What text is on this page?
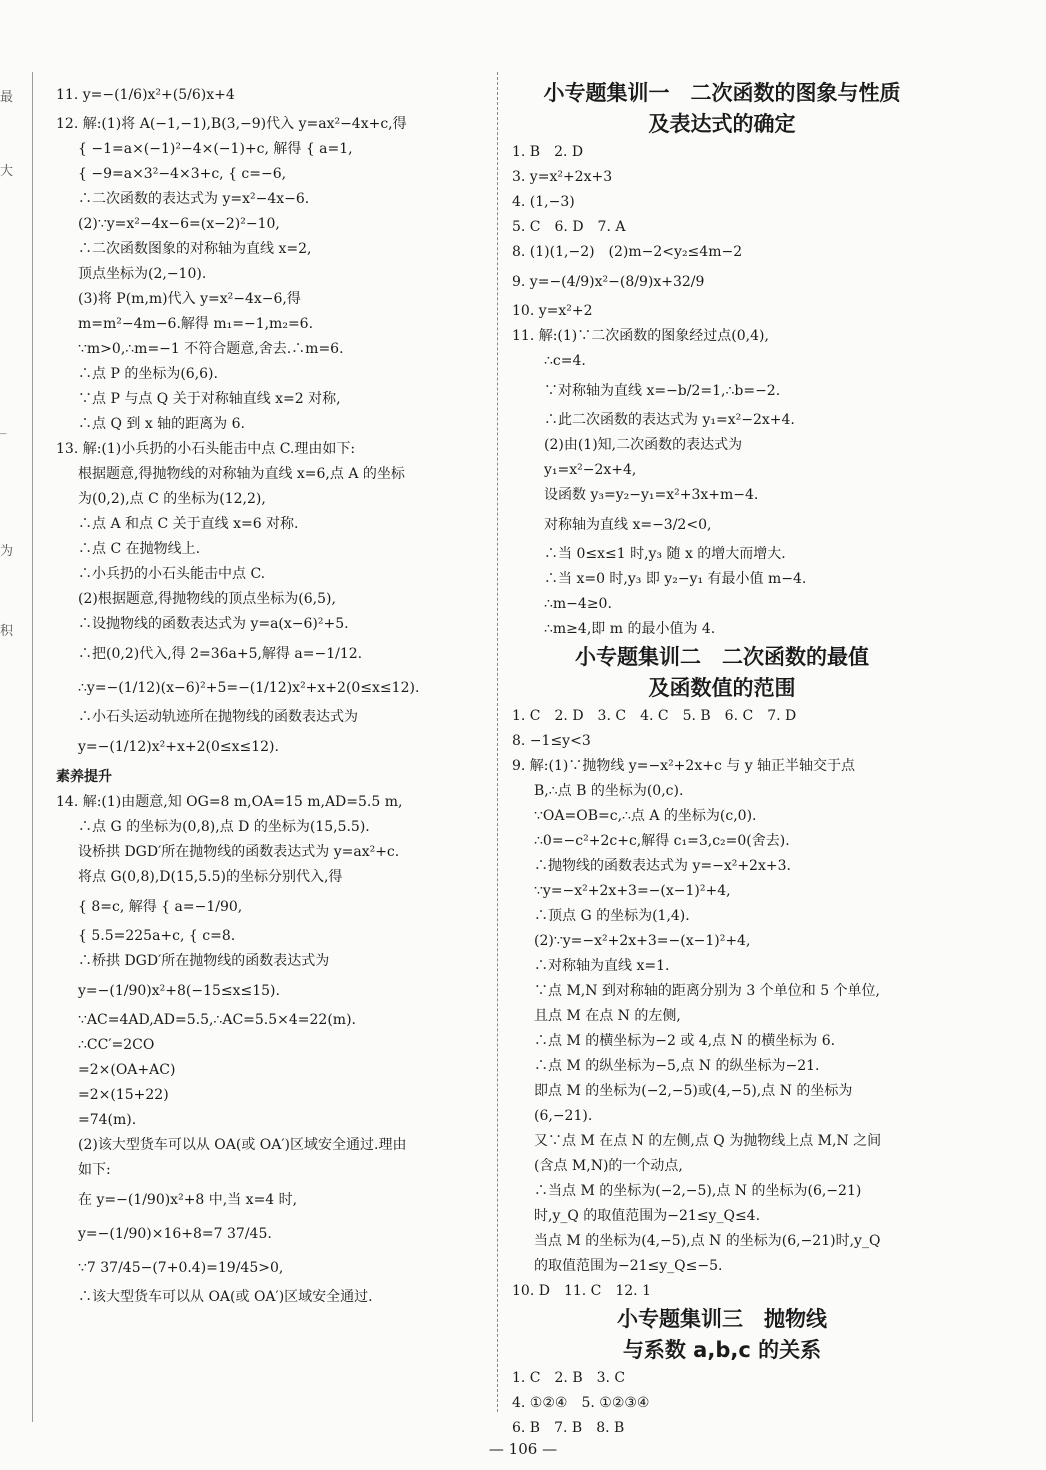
最
大
_
为
积
11. y=−(1/6)x²+(5/6)x+4
12. 解:(1)将 A(−1,−1),B(3,−9)代入 y=ax²−4x+c,得
{ −1=a×(−1)²−4×(−1)+c, 解得 { a=1,
{ −9=a×3²−4×3+c, { c=−6,
∴二次函数的表达式为 y=x²−4x−6.
(2)∵y=x²−4x−6=(x−2)²−10,
∴二次函数图象的对称轴为直线 x=2,
顶点坐标为(2,−10).
(3)将 P(m,m)代入 y=x²−4x−6,得
m=m²−4m−6.解得 m₁=−1,m₂=6.
∵m>0,∴m=−1 不符合题意,舍去.∴m=6.
∴点 P 的坐标为(6,6).
∵点 P 与点 Q 关于对称轴直线 x=2 对称,
∴点 Q 到 x 轴的距离为 6.
13. 解:(1)小兵扔的小石头能击中点 C.理由如下:
根据题意,得抛物线的对称轴为直线 x=6,点 A 的坐标
为(0,2),点 C 的坐标为(12,2),
∴点 A 和点 C 关于直线 x=6 对称.
∴点 C 在抛物线上.
∴小兵扔的小石头能击中点 C.
(2)根据题意,得抛物线的顶点坐标为(6,5),
∴设抛物线的函数表达式为 y=a(x−6)²+5.
∴把(0,2)代入,得 2=36a+5,解得 a=−1/12.
∴y=−(1/12)(x−6)²+5=−(1/12)x²+x+2(0≤x≤12).
∴小石头运动轨迹所在抛物线的函数表达式为
y=−(1/12)x²+x+2(0≤x≤12).
素养提升
14. 解:(1)由题意,知 OG=8 m,OA=15 m,AD=5.5 m,
∴点 G 的坐标为(0,8),点 D 的坐标为(15,5.5).
设桥拱 DGD′所在抛物线的函数表达式为 y=ax²+c.
将点 G(0,8),D(15,5.5)的坐标分别代入,得
{ 8=c, 解得 { a=−1/90,
{ 5.5=225a+c, { c=8.
∴桥拱 DGD′所在抛物线的函数表达式为
y=−(1/90)x²+8(−15≤x≤15).
∵AC=4AD,AD=5.5,∴AC=5.5×4=22(m).
∴CC′=2CO
=2×(OA+AC)
=2×(15+22)
=74(m).
(2)该大型货车可以从 OA(或 OA′)区域安全通过.理由
如下:
在 y=−(1/90)x²+8 中,当 x=4 时,
y=−(1/90)×16+8=7 37/45.
∵7 37/45−(7+0.4)=19/45>0,
∴该大型货车可以从 OA(或 OA′)区域安全通过.
小专题集训一　二次函数的图象与性质
及表达式的确定
1. B　2. D
3. y=x²+2x+3
4. (1,−3)
5. C　6. D　7. A
8. (1)(1,−2)　(2)m−2<y₂≤4m−2
9. y=−(4/9)x²−(8/9)x+32/9
10. y=x²+2
11. 解:(1)∵二次函数的图象经过点(0,4),
∴c=4.
∵对称轴为直线 x=−b/2=1,∴b=−2.
∴此二次函数的表达式为 y₁=x²−2x+4.
(2)由(1)知,二次函数的表达式为
y₁=x²−2x+4,
设函数 y₃=y₂−y₁=x²+3x+m−4.
对称轴为直线 x=−3/2<0,
∴当 0≤x≤1 时,y₃ 随 x 的增大而增大.
∴当 x=0 时,y₃ 即 y₂−y₁ 有最小值 m−4.
∴m−4≥0.
∴m≥4,即 m 的最小值为 4.
小专题集训二　二次函数的最值
及函数值的范围
1. C　2. D　3. C　4. C　5. B　6. C　7. D
8. −1≤y<3
9. 解:(1)∵抛物线 y=−x²+2x+c 与 y 轴正半轴交于点
B,∴点 B 的坐标为(0,c).
∵OA=OB=c,∴点 A 的坐标为(c,0).
∴0=−c²+2c+c,解得 c₁=3,c₂=0(舍去).
∴抛物线的函数表达式为 y=−x²+2x+3.
∵y=−x²+2x+3=−(x−1)²+4,
∴顶点 G 的坐标为(1,4).
(2)∵y=−x²+2x+3=−(x−1)²+4,
∴对称轴为直线 x=1.
∵点 M,N 到对称轴的距离分别为 3 个单位和 5 个单位,
且点 M 在点 N 的左侧,
∴点 M 的横坐标为−2 或 4,点 N 的横坐标为 6.
∴点 M 的纵坐标为−5,点 N 的纵坐标为−21.
即点 M 的坐标为(−2,−5)或(4,−5),点 N 的坐标为
(6,−21).
又∵点 M 在点 N 的左侧,点 Q 为抛物线上点 M,N 之间
(含点 M,N)的一个动点,
∴当点 M 的坐标为(−2,−5),点 N 的坐标为(6,−21)
时,y_Q 的取值范围为−21≤y_Q≤4.
当点 M 的坐标为(4,−5),点 N 的坐标为(6,−21)时,y_Q
的取值范围为−21≤y_Q≤−5.
10. D　11. C　12. 1
小专题集训三　抛物线
与系数 a,b,c 的关系
1. C　2. B　3. C
4. ①②④　5. ①②③④
6. B　7. B　8. B
— 106 —
